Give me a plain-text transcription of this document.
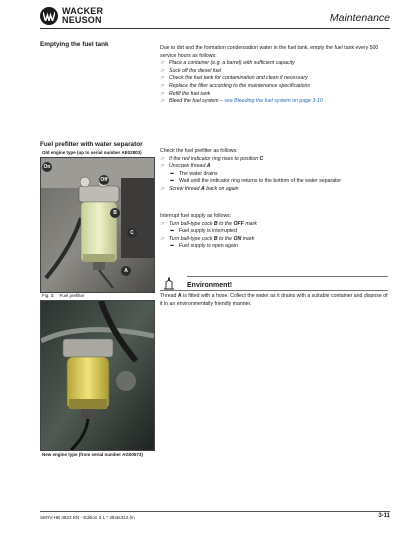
WACKER
NEUSON	Maintenance
Emptying the fuel tank	Due to dirt and the formation condensation water in the fuel tank, empty the fuel tank every 500 service hours as follows:

☞ Place a container (e.g. a barrel) with sufficient capacity

☞ Suck off the diesel fuel

☞ Check the fuel tank for contamination and clean if necessary

☞ Replace the filter according to the maintenance specifications

☞ Refill the fuel tank

☞ Bleed the fuel system – see Bleeding the fuel system on page 3-10

Fuel prefilter with water separator
Old engine type (up to serial number AE02803)
On
Off
B
C
A
Fig. 3: Fuel prefilter
New engine type (from serial number AG00573)

Check the fuel prefilter as follows:

☞ If the red indicator ring rises to position C

☞ Unscrew thread A

➥ The water drains

➥ Wait until the indicator ring returns to the bottom of the water separator

☞ Screw thread A back on again

Interrupt fuel supply as follows:

☞ Turn ball-type cock B to the OFF mark

➥ Fuel supply is interrupted

☞ Turn ball-type cock B to the ON mark

➥ Fuel supply is open again

Environment!

Thread A is fitted with a hose. Collect the water as it drains with a suitable container and dispose of it in an environmentally friendly manner.

SERV-HB 3823 EN - Edition 3.1 * 3tb3s312.fm	3-11
